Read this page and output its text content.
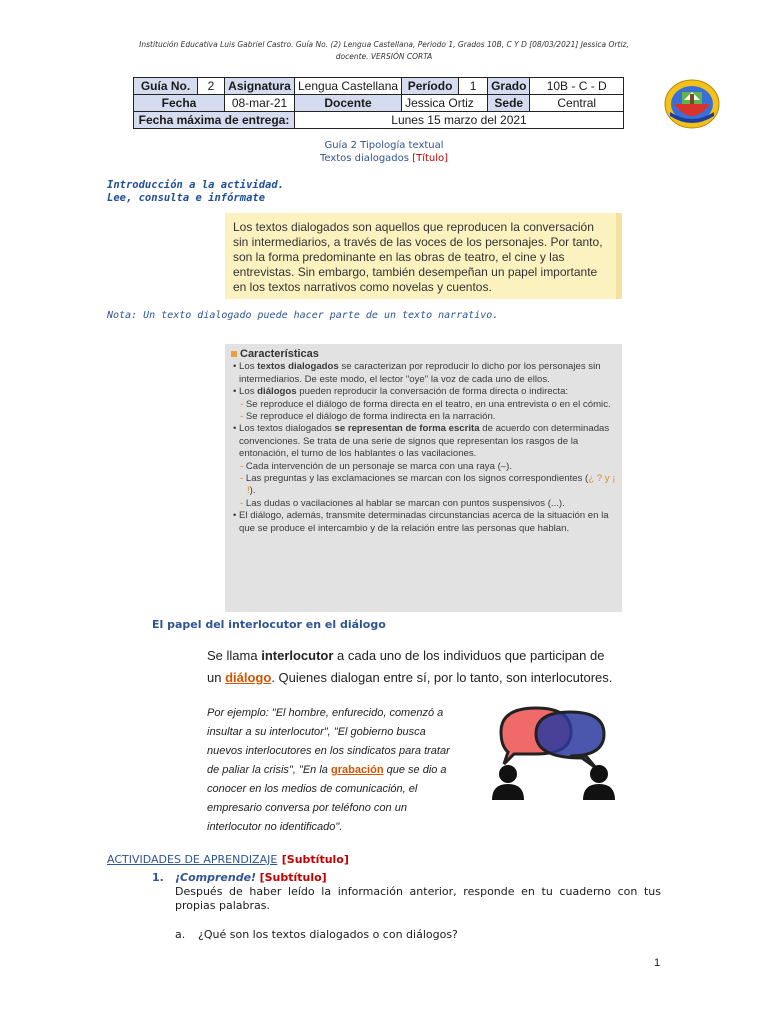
Institución Educativa Luis Gabriel Castro. Guía No. (2) Lengua Castellana, Periodo 1, Grados 10B, C Y D [08/03/2021] Jessica Ortiz,
docente. VERSIÓN CORTA
Guía No.	2	Asignatura	Lengua Castellana	Período	1	Grado	10B - C - D
Fecha		08-mar-21	Docente	Jessica Ortiz		Sede	Central
Fecha máxima de entrega:			Lunes 15 marzo del 2021				
Guía 2 Tipología textual
Textos dialogados [Título]
Introducción a la actividad.
Lee, consulta e infórmate
Los textos dialogados son aquellos que reproducen la conversación sin intermediarios, a través de las voces de los personajes. Por tanto, son la forma predominante en las obras de teatro, el cine y las entrevistas. Sin embargo, también desempeñan un papel importante en los textos narrativos como novelas y cuentos.
Nota: Un texto dialogado puede hacer parte de un texto narrativo.
Características
• Los textos dialogados se caracterizan por reproducir lo dicho por los personajes sin intermediarios. De este modo, el lector "oye" la voz de cada uno de ellos.
• Los diálogos pueden reproducir la conversación de forma directa o indirecta:
- Se reproduce el diálogo de forma directa en el teatro, en una entrevista o en el cómic.
- Se reproduce el diálogo de forma indirecta en la narración.
• Los textos dialogados se representan de forma escrita de acuerdo con determinadas convenciones. Se trata de una serie de signos que representan los rasgos de la entonación, el turno de los hablantes o las vacilaciones.
- Cada intervención de un personaje se marca con una raya (–).
- Las preguntas y las exclamaciones se marcan con los signos correspondientes (¿ ? y ¡ !).
- Las dudas o vacilaciones al hablar se marcan con puntos suspensivos (...).
• El diálogo, además, transmite determinadas circunstancias acerca de la situación en la que se produce el intercambio y de la relación entre las personas que hablan.
El papel del interlocutor en el diálogo
Se llama interlocutor a cada uno de los individuos que participan de un diálogo. Quienes dialogan entre sí, por lo tanto, son interlocutores.
Por ejemplo: "El hombre, enfurecido, comenzó a insultar a su interlocutor", "El gobierno busca nuevos interlocutores en los sindicatos para tratar de paliar la crisis", "En la grabación que se dio a conocer en los medios de comunicación, el empresario conversa por teléfono con un interlocutor no identificado".
ACTIVIDADES DE APRENDIZAJE [Subtítulo]
1. ¡Comprende! [Subtítulo]
Después de haber leído la información anterior, responde en tu cuaderno con tus propias palabras.
a. ¿Qué son los textos dialogados o con diálogos?
1
